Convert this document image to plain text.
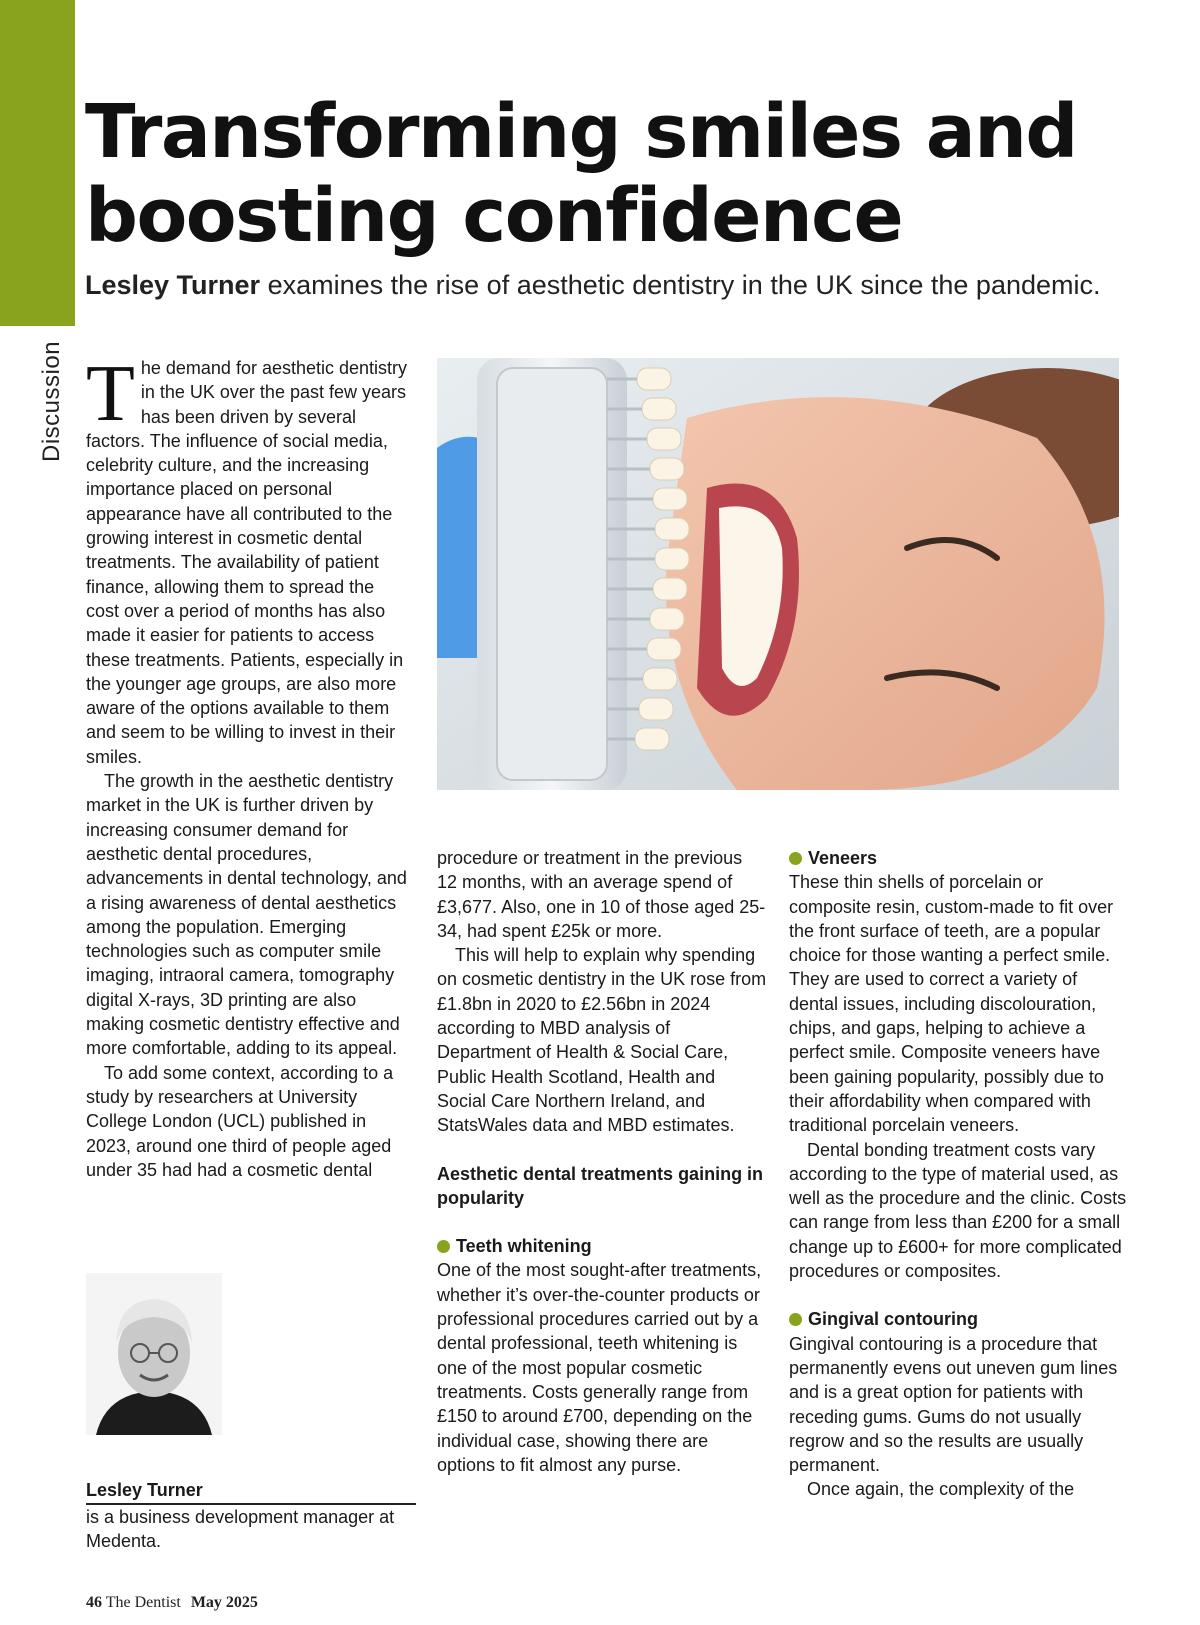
Discussion
Transforming smiles and
boosting confidence
Lesley Turner examines the rise of aesthetic dentistry in the UK since the pandemic.

The demand for aesthetic dentistry in the UK over the past few years has been driven by several factors. The influence of social media, celebrity culture, and the increasing importance placed on personal appearance have all contributed to the growing interest in cosmetic dental treatments. The availability of patient finance, allowing them to spread the cost over a period of months has also made it easier for patients to access these treatments. Patients, especially in the younger age groups, are also more aware of the options available to them and seem to be willing to invest in their smiles.

The growth in the aesthetic dentistry market in the UK is further driven by increasing consumer demand for aesthetic dental procedures, advancements in dental technology, and a rising awareness of dental aesthetics among the population. Emerging technologies such as computer smile imaging, intraoral camera, tomography digital X-rays, 3D printing are also making cosmetic dentistry effective and more comfortable, adding to its appeal.

To add some context, according to a study by researchers at University College London (UCL) published in 2023, around one third of people aged under 35 had had a cosmetic dental

procedure or treatment in the previous 12 months, with an average spend of £3,677. Also, one in 10 of those aged 25-34, had spent £25k or more.

This will help to explain why spending on cosmetic dentistry in the UK rose from £1.8bn in 2020 to £2.56bn in 2024 according to MBD analysis of Department of Health & Social Care, Public Health Scotland, Health and Social Care Northern Ireland, and StatsWales data and MBD estimates.

Aesthetic dental treatments gaining in popularity

Teeth whitening

One of the most sought-after treatments, whether it’s over-the-counter products or professional procedures carried out by a dental professional, teeth whitening is one of the most popular cosmetic treatments. Costs generally range from £150 to around £700, depending on the individual case, showing there are options to fit almost any purse.

Veneers

These thin shells of porcelain or composite resin, custom-made to fit over the front surface of teeth, are a popular choice for those wanting a perfect smile. They are used to correct a variety of dental issues, including discolouration, chips, and gaps, helping to achieve a perfect smile. Composite veneers have been gaining popularity, possibly due to their affordability when compared with traditional porcelain veneers.

Dental bonding treatment costs vary according to the type of material used, as well as the procedure and the clinic. Costs can range from less than £200 for a small change up to £600+ for more complicated procedures or composites.

Gingival contouring

Gingival contouring is a procedure that permanently evens out uneven gum lines and is a great option for patients with receding gums. Gums do not usually regrow and so the results are usually permanent.

Once again, the complexity of the

Lesley Turner
is a business development manager at Medenta.
46 The Dentist May 2025
